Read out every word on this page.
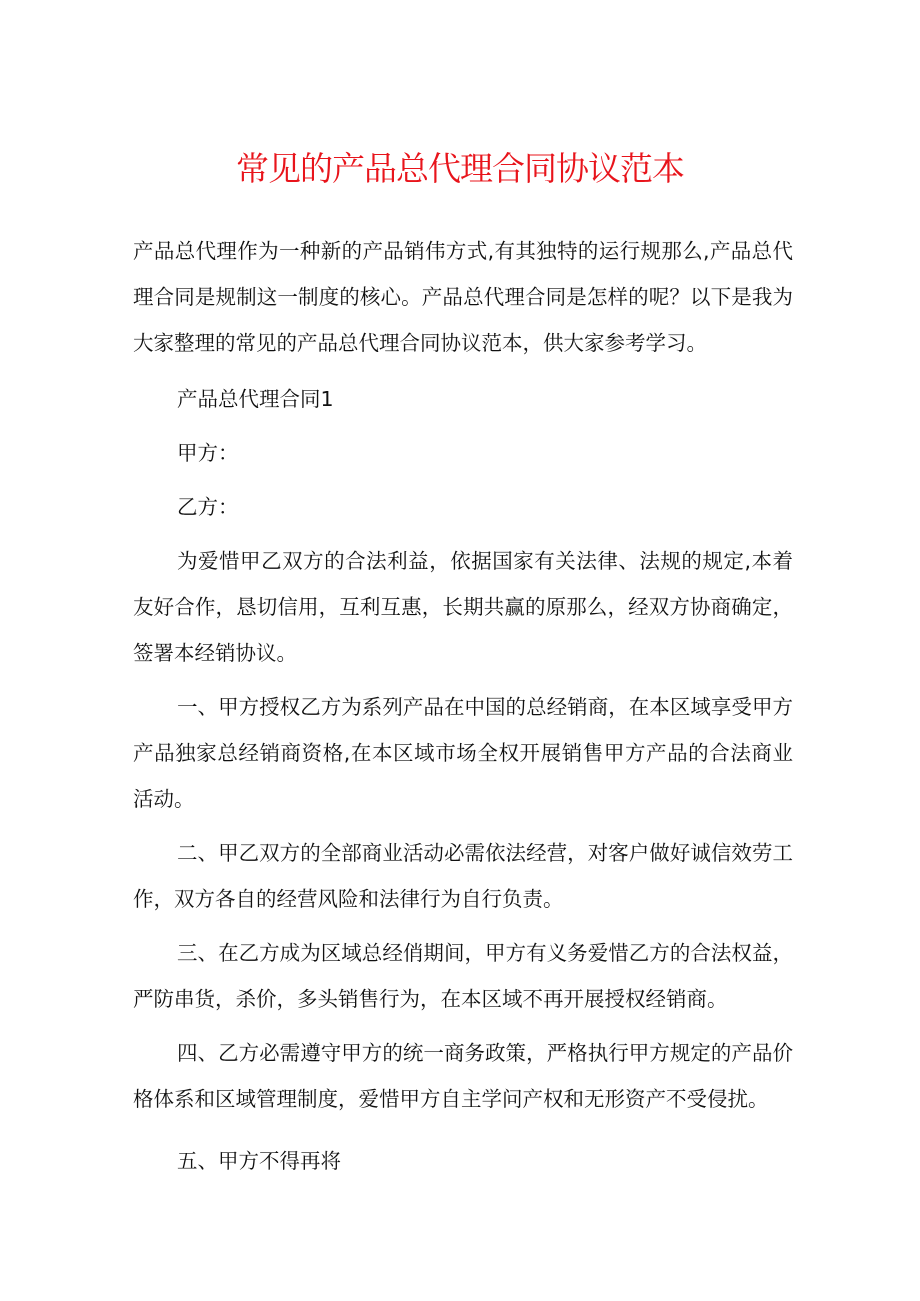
常见的产品总代理合同协议范本

产品总代理作为一种新的产品销伟方式,有其独特的运行规那么,产品总代理合同是规制这一制度的核心。产品总代理合同是怎样的呢？以下是我为大家整理的常见的产品总代理合同协议范本，供大家参考学习。

产品总代理合同1

甲方：

乙方：

为爱惜甲乙双方的合法利益，依据国家有关法律、法规的规定,本着友好合作，恳切信用，互利互惠，长期共赢的原那么，经双方协商确定，签署本经销协议。

一、甲方授权乙方为系列产品在中国的总经销商，在本区域享受甲方产品独家总经销商资格,在本区域市场全权开展销售甲方产品的合法商业活动。

二、甲乙双方的全部商业活动必需依法经营，对客户做好诚信效劳工作，双方各自的经营风险和法律行为自行负责。

三、在乙方成为区域总经俏期间，甲方有义务爱惜乙方的合法权益，严防串货，杀价，多头销售行为，在本区域不再开展授权经销商。

四、乙方必需遵守甲方的统一商务政策，严格执行甲方规定的产品价格体系和区域管理制度，爱惜甲方自主学问产权和无形资产不受侵扰。

五、甲方不得再将
